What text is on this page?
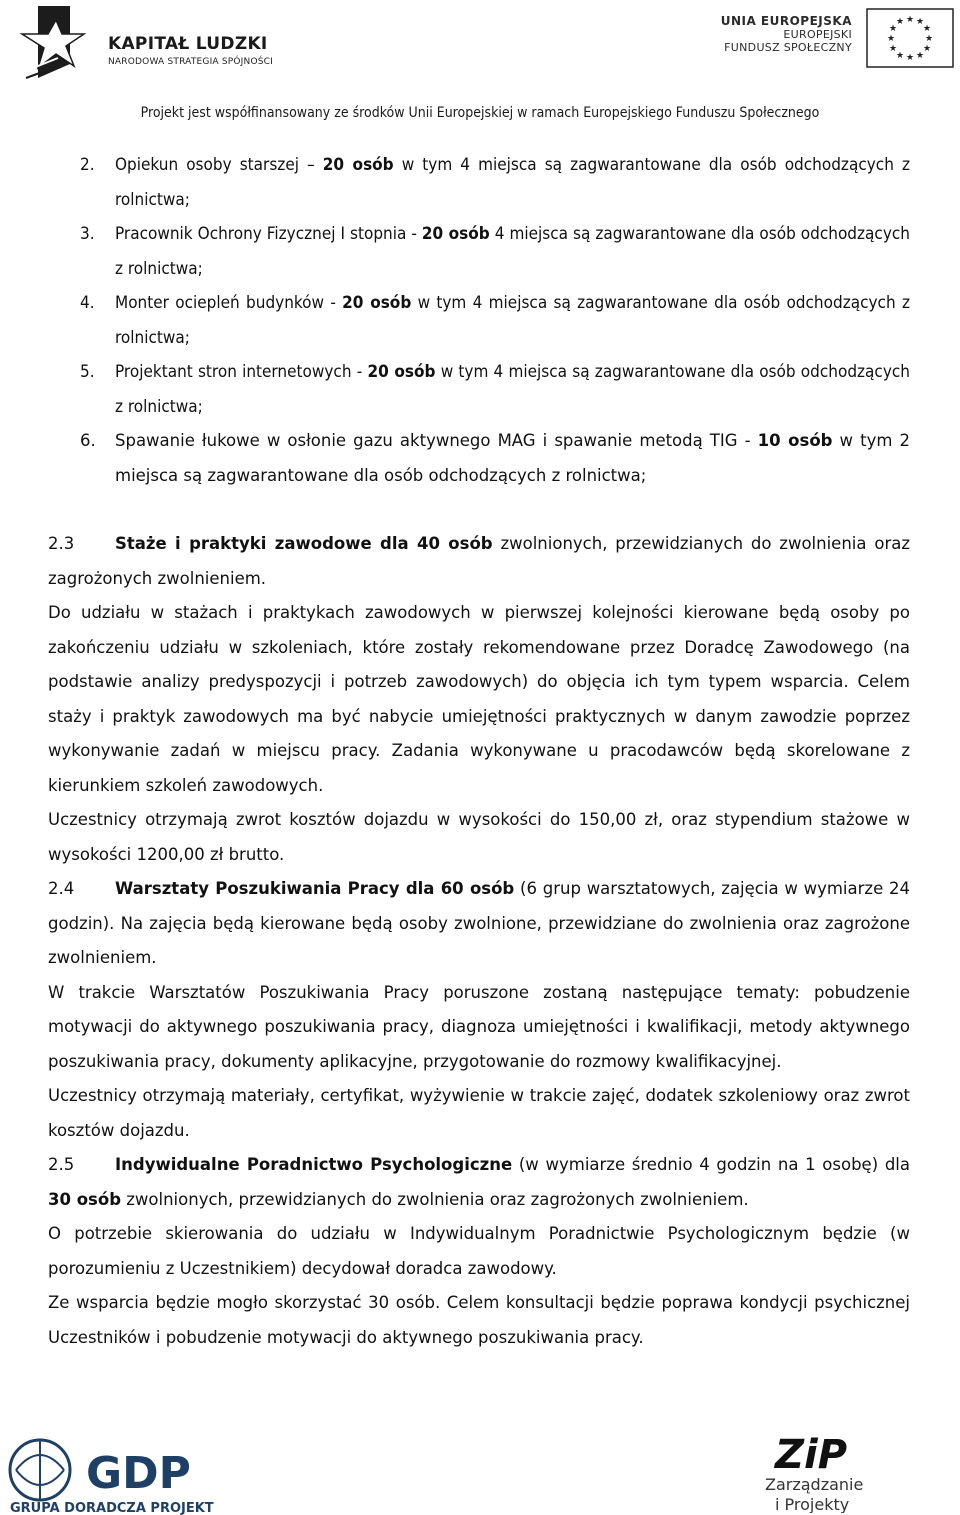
KAPITAŁ LUDZKI
NARODOWA STRATEGIA SPÓJNOŚCI
UNIA EUROPEJSKA
EUROPEJSKI
FUNDUSZ SPOŁECZNY
★ ★
★
★
★
★
★
★
★
★
★
★
Projekt jest współfinansowany ze środków Unii Europejskiej w ramach Europejskiego Funduszu Społecznego
2. Opiekun osoby starszej – 20 osób w tym 4 miejsca są zagwarantowane dla osób odchodzących z rolnictwa;
3. Pracownik Ochrony Fizycznej I stopnia - 20 osób 4 miejsca są zagwarantowane dla osób odchodzących z rolnictwa;
4. Monter ociepleń budynków - 20 osób w tym 4 miejsca są zagwarantowane dla osób odchodzących z rolnictwa;
5. Projektant stron internetowych - 20 osób w tym 4 miejsca są zagwarantowane dla osób odchodzących z rolnictwa;
6. Spawanie łukowe w osłonie gazu aktywnego MAG i spawanie metodą TIG - 10 osób w tym 2 miejsca są zagwarantowane dla osób odchodzących z rolnictwa;
2.3 Staże i praktyki zawodowe dla 40 osób zwolnionych, przewidzianych do zwolnienia oraz zagrożonych zwolnieniem.
Do udziału w stażach i praktykach zawodowych w pierwszej kolejności kierowane będą osoby po zakończeniu udziału w szkoleniach, które zostały rekomendowane przez Doradcę Zawodowego (na podstawie analizy predyspozycji i potrzeb zawodowych) do objęcia ich tym typem wsparcia. Celem staży i praktyk zawodowych ma być nabycie umiejętności praktycznych w danym zawodzie poprzez wykonywanie zadań w miejscu pracy. Zadania wykonywane u pracodawców będą skorelowane z kierunkiem szkoleń zawodowych.
Uczestnicy otrzymają zwrot kosztów dojazdu w wysokości do 150,00 zł, oraz stypendium stażowe w wysokości 1200,00 zł brutto.
2.4 Warsztaty Poszukiwania Pracy dla 60 osób (6 grup warsztatowych, zajęcia w wymiarze 24 godzin). Na zajęcia będą kierowane będą osoby zwolnione, przewidziane do zwolnienia oraz zagrożone zwolnieniem.
W trakcie Warsztatów Poszukiwania Pracy poruszone zostaną następujące tematy: pobudzenie motywacji do aktywnego poszukiwania pracy, diagnoza umiejętności i kwalifikacji, metody aktywnego poszukiwania pracy, dokumenty aplikacyjne, przygotowanie do rozmowy kwalifikacyjnej.
Uczestnicy otrzymają materiały, certyfikat, wyżywienie w trakcie zajęć, dodatek szkoleniowy oraz zwrot kosztów dojazdu.
2.5 Indywidualne Poradnictwo Psychologiczne (w wymiarze średnio 4 godzin na 1 osobę) dla 30 osób zwolnionych, przewidzianych do zwolnienia oraz zagrożonych zwolnieniem.
O potrzebie skierowania do udziału w Indywidualnym Poradnictwie Psychologicznym będzie (w porozumieniu z Uczestnikiem) decydował doradca zawodowy.
Ze wsparcia będzie mogło skorzystać 30 osób. Celem konsultacji będzie poprawa kondycji psychicznej Uczestników i pobudzenie motywacji do aktywnego poszukiwania pracy.
GDP
GRUPA DORADCZA PROJEKT
ZiP
Zarządzanie
i Projekty
